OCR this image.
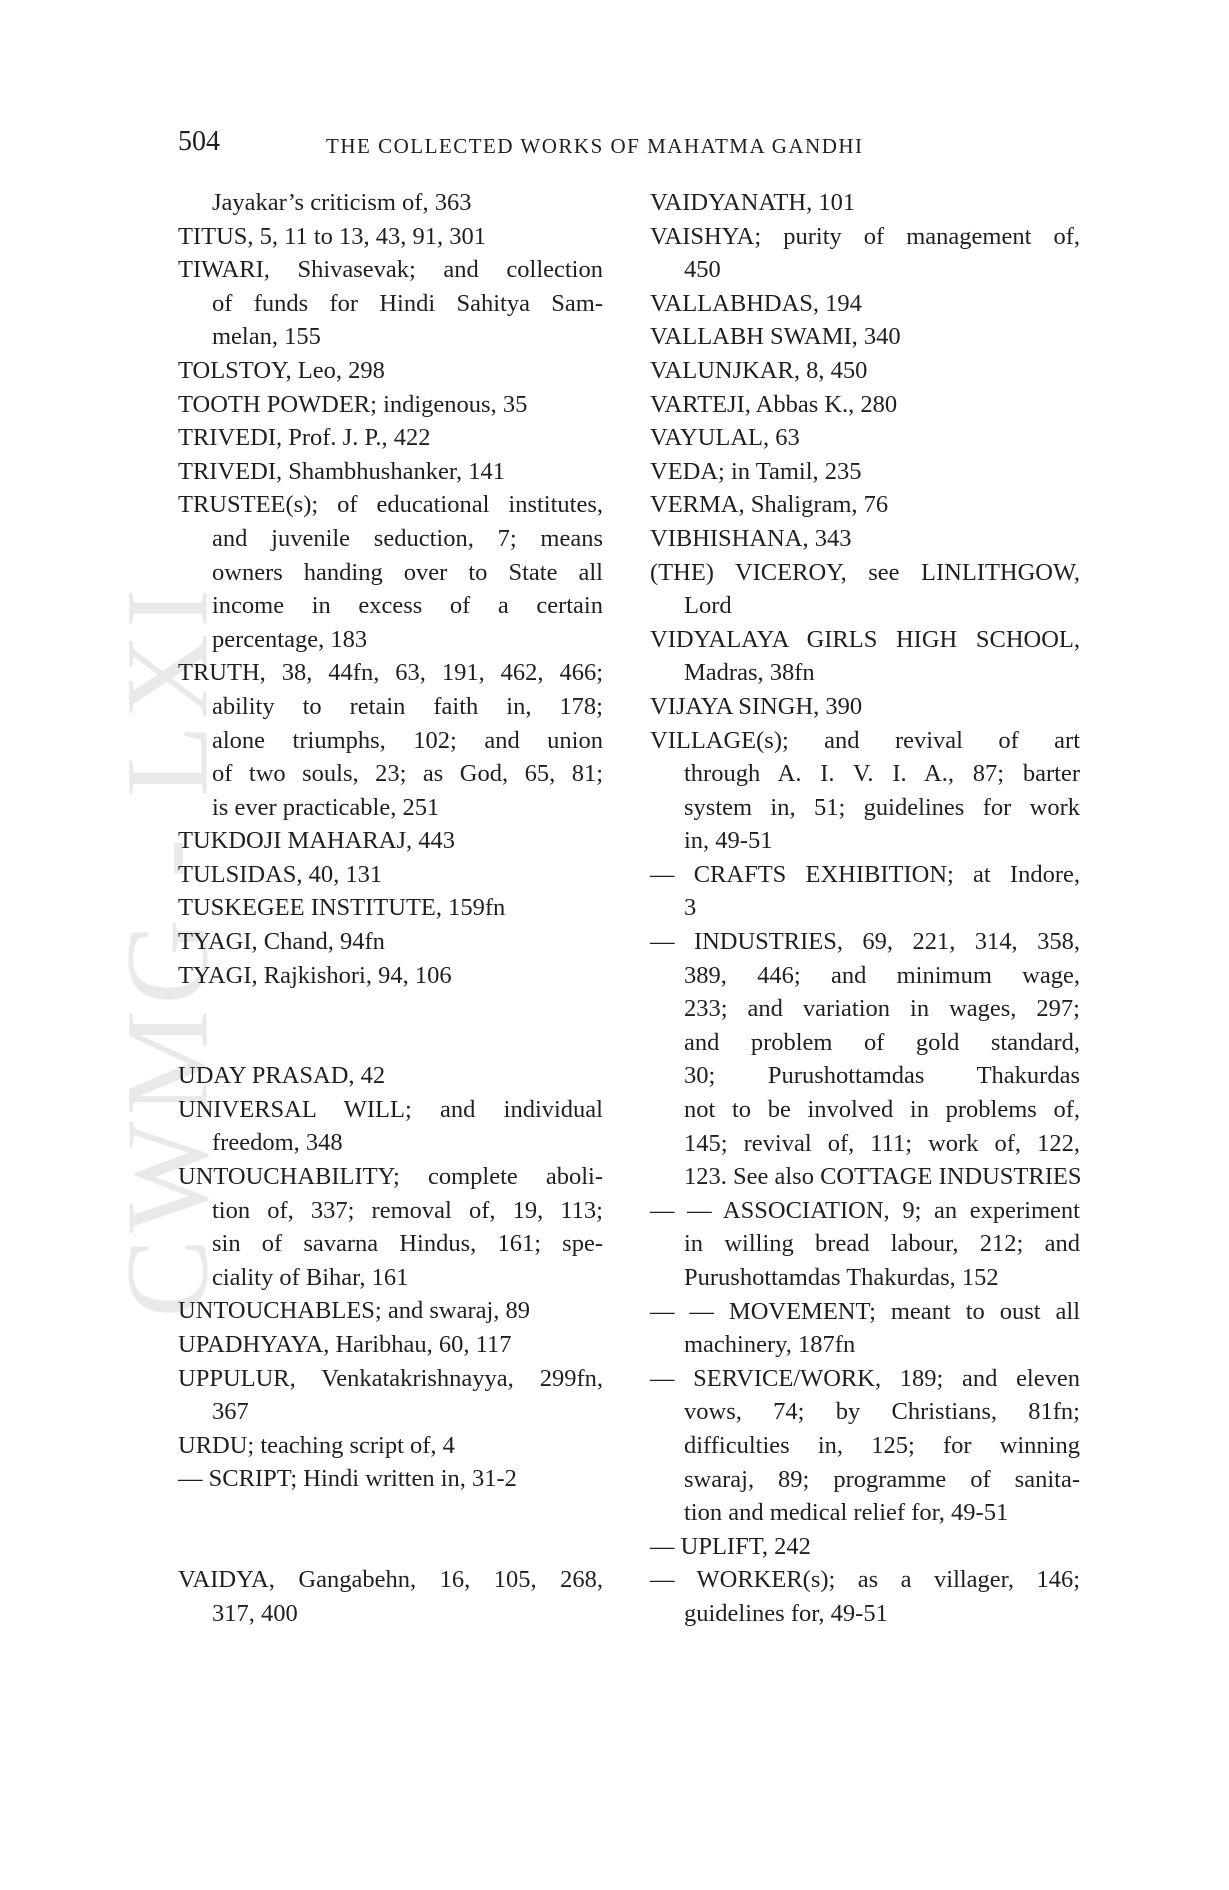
CWMG - LXI
504	THE COLLECTED WORKS OF MAHATMA GANDHI
Jayakar’s criticism of, 363
TITUS, 5, 11 to 13, 43, 91, 301
TIWARI, Shivasevak; and collection
of funds for Hindi Sahitya Sam-
melan, 155
TOLSTOY, Leo, 298
TOOTH POWDER; indigenous, 35
TRIVEDI, Prof. J. P., 422
TRIVEDI, Shambhushanker, 141
TRUSTEE(s); of educational institutes,
and juvenile seduction, 7; means
owners handing over to State all
income in excess of a certain
percentage, 183
TRUTH, 38, 44fn, 63, 191, 462, 466;
ability to retain faith in, 178;
alone triumphs, 102; and union
of two souls, 23; as God, 65, 81;
is ever practicable, 251
TUKDOJI MAHARAJ, 443
TULSIDAS, 40, 131
TUSKEGEE INSTITUTE, 159fn
TYAGI, Chand, 94fn
TYAGI, Rajkishori, 94, 106
UDAY PRASAD, 42
UNIVERSAL WILL; and individual
freedom, 348
UNTOUCHABILITY; complete aboli-
tion of, 337; removal of, 19, 113;
sin of savarna Hindus, 161; spe-
ciality of Bihar, 161
UNTOUCHABLES; and swaraj, 89
UPADHYAYA, Haribhau, 60, 117
UPPULUR, Venkatakrishnayya, 299fn,
367
URDU; teaching script of, 4
— SCRIPT; Hindi written in, 31-2
VAIDYA, Gangabehn, 16, 105, 268,
317, 400
VAIDYANATH, 101
VAISHYA; purity of management of,
450
VALLABHDAS, 194
VALLABH SWAMI, 340
VALUNJKAR, 8, 450
VARTEJI, Abbas K., 280
VAYULAL, 63
VEDA; in Tamil, 235
VERMA, Shaligram, 76
VIBHISHANA, 343
(THE) VICEROY, see LINLITHGOW,
Lord
VIDYALAYA GIRLS HIGH SCHOOL,
Madras, 38fn
VIJAYA SINGH, 390
VILLAGE(s); and revival of art
through A. I. V. I. A., 87; barter
system in, 51; guidelines for work
in, 49-51
— CRAFTS EXHIBITION; at Indore,
3
— INDUSTRIES, 69, 221, 314, 358,
389, 446; and minimum wage,
233; and variation in wages, 297;
and problem of gold standard,
30; Purushottamdas Thakurdas
not to be involved in problems of,
145; revival of, 111; work of, 122,
123. See also COTTAGE INDUSTRIES
— — ASSOCIATION, 9; an experiment
in willing bread labour, 212; and
Purushottamdas Thakurdas, 152
— — MOVEMENT; meant to oust all
machinery, 187fn
— SERVICE/WORK, 189; and eleven
vows, 74; by Christians, 81fn;
difficulties in, 125; for winning
swaraj, 89; programme of sanita-
tion and medical relief for, 49-51
— UPLIFT, 242
— WORKER(s); as a villager, 146;
guidelines for, 49-51
